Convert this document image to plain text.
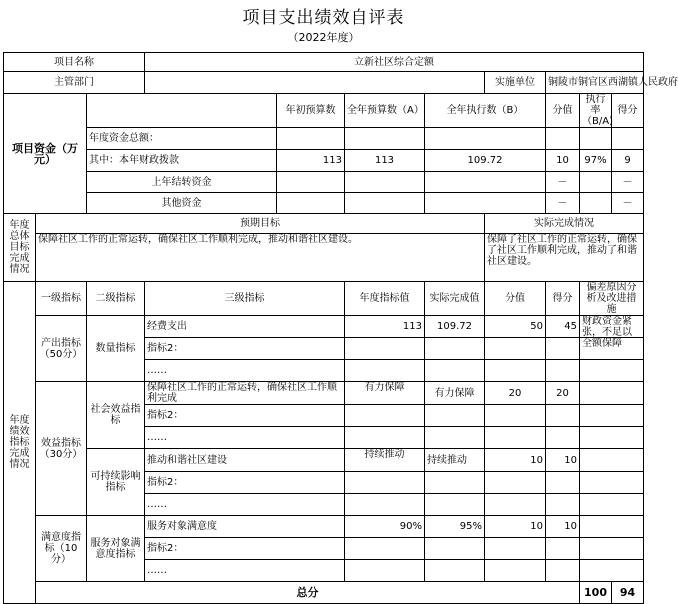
项目支出绩效自评表
（2022年度）
项目名称			立新社区综合定额								
主管部门							实施单位	铜陵市铜官区西湖镇人民政府			
项目资金（万元）				年初预算数	全年预算数（A）	全年执行数（B）		分值	执行率（B/A)	得分	
		年度资金总额：									
		其中：本年财政拨款		113	113	109.72		10	97%	9	
		上年结转资金						－		－	
		其他资金						－		－	
年度总体目标完成情况	预期目标						实际完成情况				
	保障社区工作的正常运转，确保社区工作顺利完成，推动和谐社区建设。						保障了社区工作的正常运转，确保了社区工作顺利完成，推动了和谐社区建设。				
年度绩效指标完成情况	一级指标	二级指标	三级指标		年度指标值	实际完成值	分值	得分	偏差原因分析及改进措施		
	产出指标（50分）	数量指标	经费支出		113	109.72	50	45	财政资金紧张，不足以全额保障		

			指标2：								
			……								
	效益指标（30分）	社会效益指标	保障社区工作的正常运转，确保社区工作顺利完成		有力保障	有力保障	20	20			
			指标2：								
			……								
		可持续影响指标	推动和谐社区建设		持续推动	持续推动	10	10			
			指标2：								
			……								
	满意度指标（10分）	服务对象满意度指标	服务对象满意度		90%	95%	10	10			
			指标2：								
			……								
	总分								100	94	
